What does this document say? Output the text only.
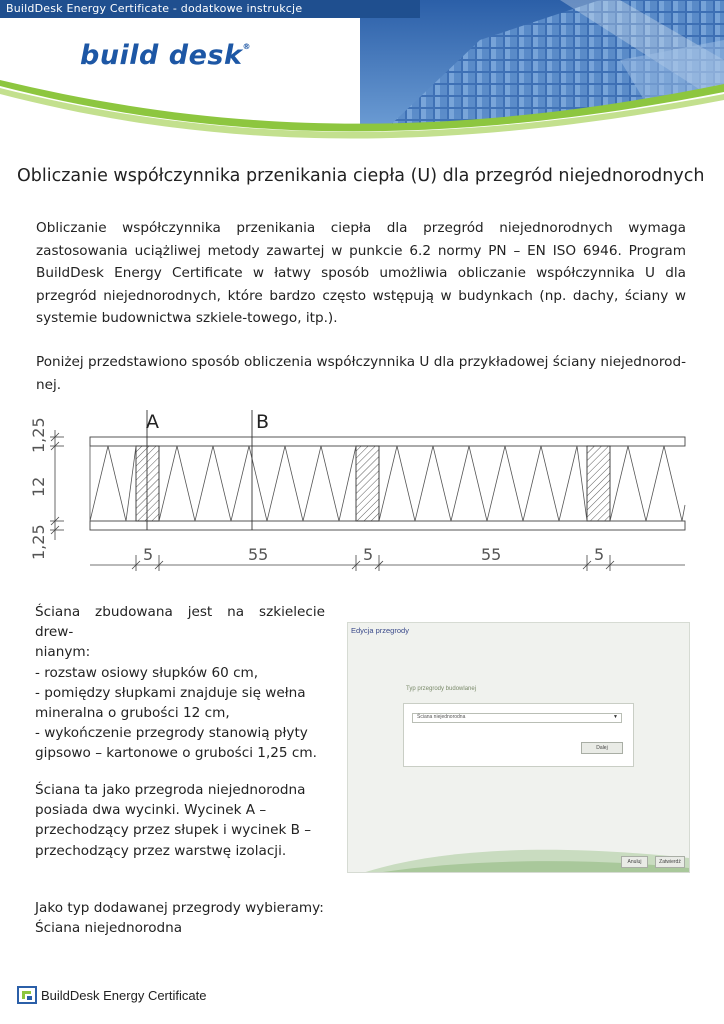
BuildDesk Energy Certificate - dodatkowe instrukcje
build desk®
Obliczanie współczynnika przenikania ciepła (U) dla przegród niejednorodnych

Obliczanie współczynnika przenikania ciepła dla przegród niejednorodnych wymaga zastosowania uciążliwej metody zawartej w punkcie 6.2 normy PN – EN ISO 6946. Program BuildDesk Energy Certificate w łatwy sposób umożliwia obliczanie współczynnika U dla przegród niejednorodnych, które bardzo często wstępują w budynkach (np. dachy, ściany w systemie budownictwa szkiele-towego, itp.).

Poniżej przedstawiono sposób obliczenia współczynnika U dla przykładowej ściany niejednorod-nej.

A	B
1,25
12
1,25	5	55	5	55	5
Ściana zbudowana jest na szkielecie drew-
nianym:
- rozstaw osiowy słupków 60 cm,
- pomiędzy słupkami znajduje się wełna
mineralna o grubości 12 cm,
- wykończenie przegrody stanowią płyty
gipsowo – kartonowe o grubości 1,25 cm.
Ściana ta jako przegroda niejednorodna
posiada dwa wycinki. Wycinek A –
przechodzący przez słupek i wycinek B –
przechodzący przez warstwę izolacji.
Jako typ dodawanej przegrody wybieramy:
Ściana niejednorodna
Edycja przegrody
Typ przegrody budowlanej
Ściana niejednorodna	▼
Dalej
Anuluj	Zatwierdź
BuildDesk Energy Certificate
